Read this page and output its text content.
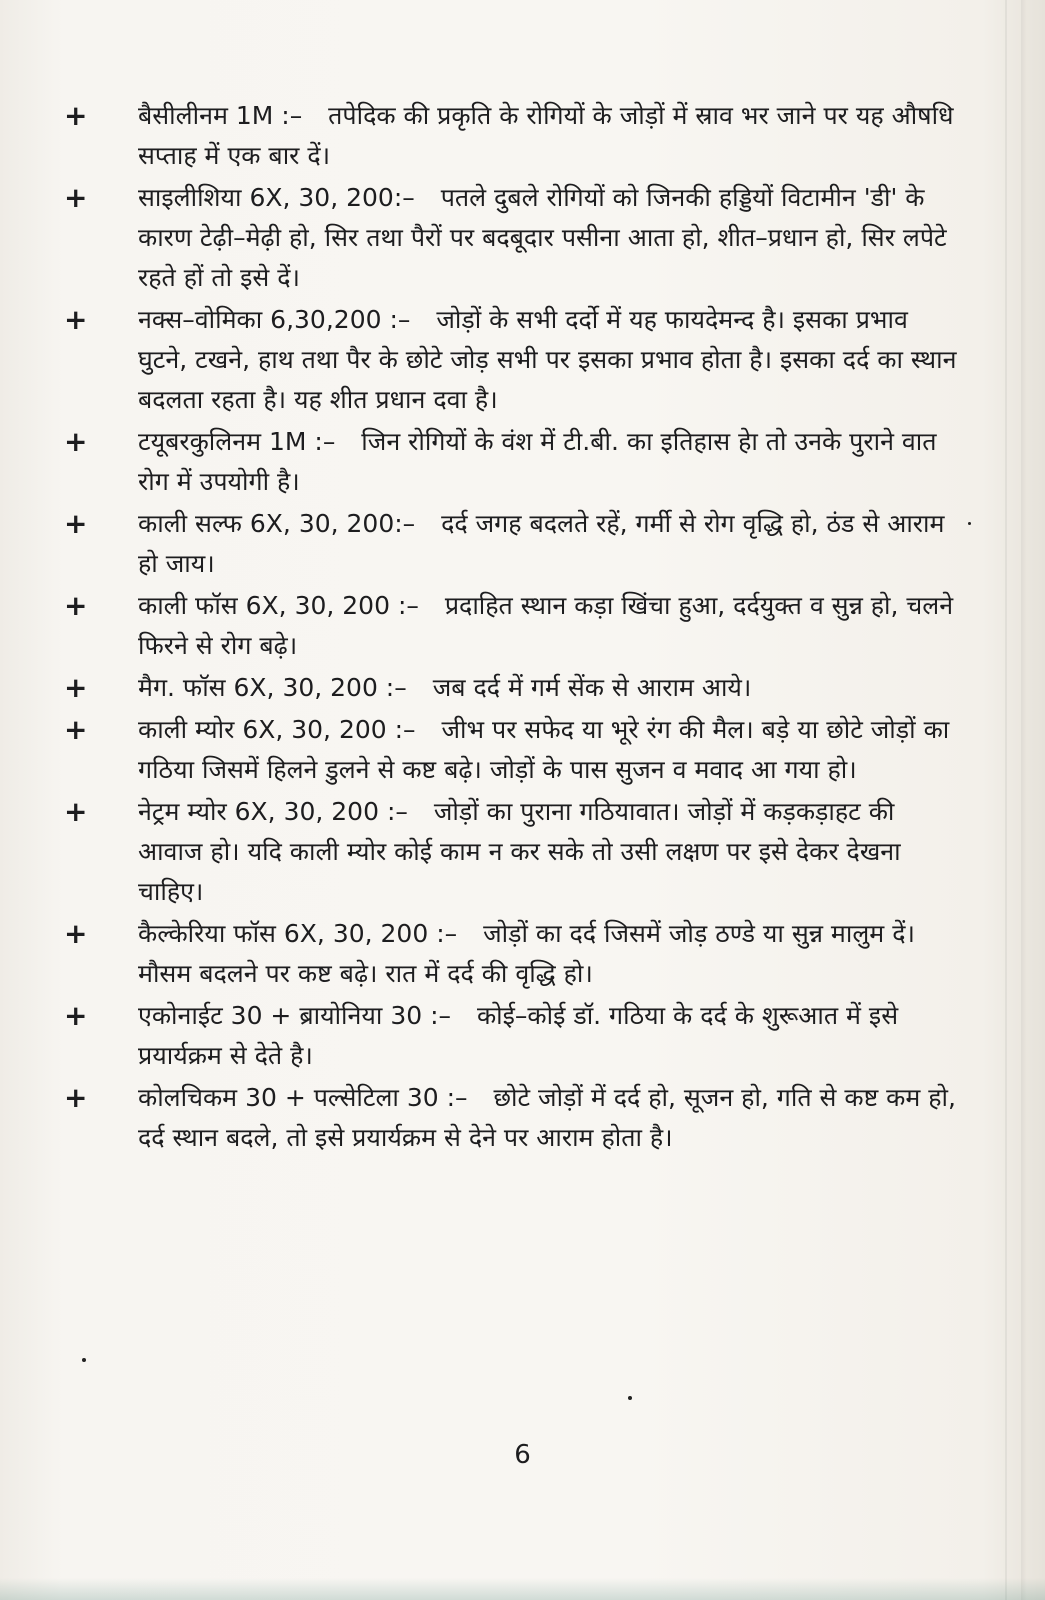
+ बैसीलीनम 1M :– तपेदिक की प्रकृति के रोगियों के जोड़ों में स्राव भर जाने पर यह औषधि सप्ताह में एक बार दें।
+ साइलीशिया 6X, 30, 200:– पतले दुबले रोगियों को जिनकी हड्डियों विटामीन 'डी' के कारण टेढ़ी–मेढ़ी हो, सिर तथा पैरों पर बदबूदार पसीना आता हो, शीत–प्रधान हो, सिर लपेटे रहते हों तो इसे दें।
+ नक्स–वोमिका 6,30,200 :– जोड़ों के सभी दर्दो में यह फायदेमन्द है। इसका प्रभाव घुटने, टखने, हाथ तथा पैर के छोटे जोड़ सभी पर इसका प्रभाव होता है। इसका दर्द का स्थान बदलता रहता है। यह शीत प्रधान दवा है।
+ टयूबरकुलिनम 1M :– जिन रोगियों के वंश में टी.बी. का इतिहास हेा तो उनके पुराने वात रोग में उपयोगी है।
+ काली सल्फ 6X, 30, 200:– दर्द जगह बदलते रहें, गर्मी से रोग वृद्धि हो, ठंड से आराम हो जाय।
+ काली फॉस 6X, 30, 200 :– प्रदाहित स्थान कड़ा खिंचा हुआ, दर्दयुक्त व सुन्न हो, चलने फिरने से रोग बढ़े।
+ मैग. फॉस 6X, 30, 200 :– जब दर्द में गर्म सेंक से आराम आये।
+ काली म्योर 6X, 30, 200 :– जीभ पर सफेद या भूरे रंग की मैल। बड़े या छोटे जोड़ों का गठिया जिसमें हिलने डुलने से कष्ट बढ़े। जोड़ों के पास सुजन व मवाद आ गया हो।
+ नेट्रम म्योर 6X, 30, 200 :– जोड़ों का पुराना गठियावात। जोड़ों में कड़कड़ाहट की आवाज हो। यदि काली म्योर कोई काम न कर सके तो उसी लक्षण पर इसे देकर देखना चाहिए।
+ कैल्केरिया फॉस 6X, 30, 200 :– जोड़ों का दर्द जिसमें जोड़ ठण्डे या सुन्न मालुम दें। मौसम बदलने पर कष्ट बढ़े। रात में दर्द की वृद्धि हो।
+ एकोनाईट 30 + ब्रायोनिया 30 :– कोई–कोई डॉ. गठिया के दर्द के शुरूआत में इसे प्रयार्यक्रम से देते है।
+ कोलचिकम 30 + पल्सेटिला 30 :– छोटे जोड़ों में दर्द हो, सूजन हो, गति से कष्ट कम हो, दर्द स्थान बदले, तो इसे प्रयार्यक्रम से देने पर आराम होता है।
6
